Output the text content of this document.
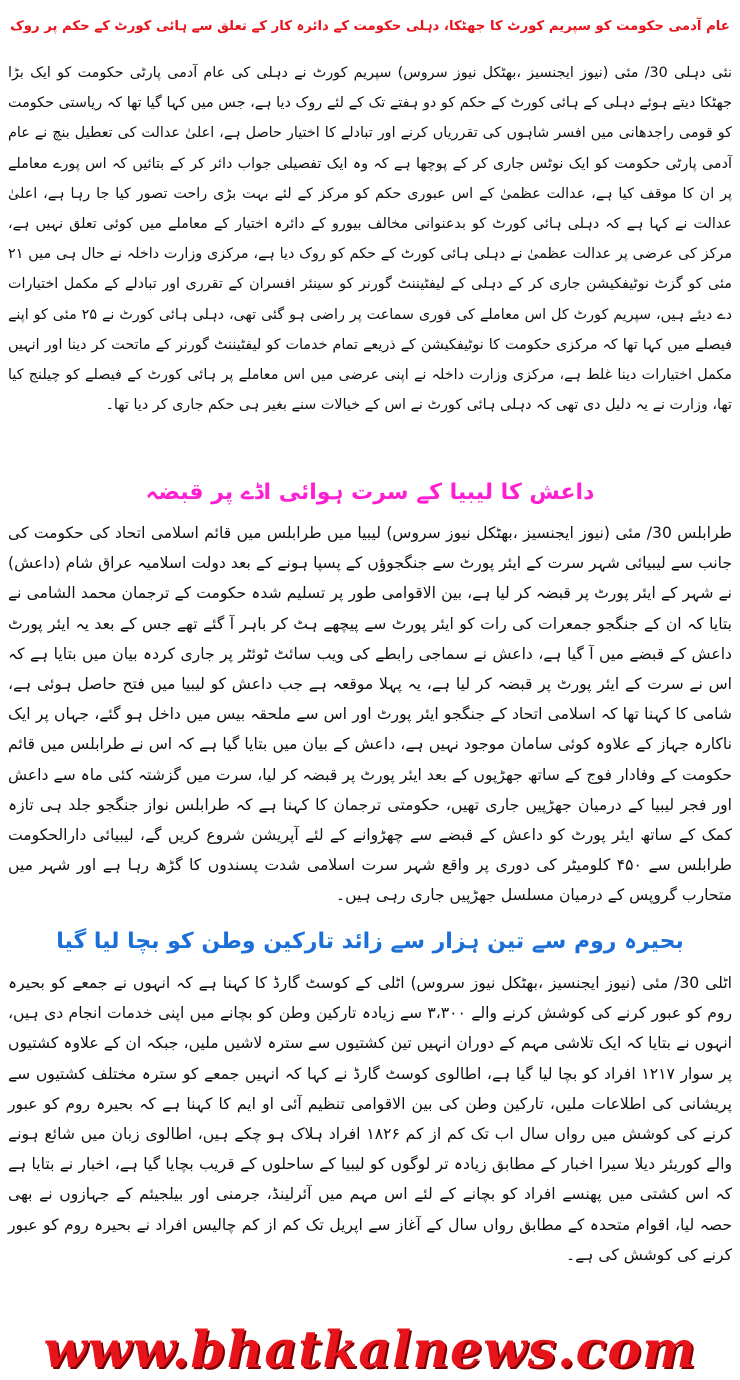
عام آدمی حکومت کو سپریم کورٹ کا جھٹکا، دہلی حکومت کے دائرہ کار کے تعلق سے ہائی کورٹ کے حکم پر روک
نئی دہلی 30/ مئی (نیوز ایجنسیز ،بھٹکل نیوز سروس) سپریم کورٹ نے دہلی کی عام آدمی پارٹی حکومت کو ایک بڑا جھٹکا دیتے ہوئے دہلی کے ہائی کورٹ کے حکم کو دو ہفتے تک کے لئے روک دیا ہے، جس میں کہا گیا تھا کہ ریاستی حکومت کو قومی راجدھانی میں افسر شاہوں کی تقرریاں کرنے اور تبادلے کا اختیار حاصل ہے، اعلیٰ عدالت کی تعطیل بنچ نے عام آدمی پارٹی حکومت کو ایک نوٹس جاری کر کے پوچھا ہے کہ وہ ایک تفصیلی جواب دائر کر کے بتائیں کہ اس پورے معاملے پر ان کا موقف کیا ہے، عدالت عظمیٰ کے اس عبوری حکم کو مرکز کے لئے بہت بڑی راحت تصور کیا جا رہا ہے، اعلیٰ عدالت نے کہا ہے کہ دہلی ہائی کورٹ کو بدعنوانی مخالف بیورو کے دائرہ اختیار کے معاملے میں کوئی تعلق نہیں ہے، مرکز کی عرضی پر عدالت عظمیٰ نے دہلی ہائی کورٹ کے حکم کو روک دیا ہے، مرکزی وزارت داخلہ نے حال ہی میں ۲۱ مئی کو گزٹ نوٹیفکیشن جاری کر کے دہلی کے لیفٹیننٹ گورنر کو سینئر افسران کے تقرری اور تبادلے کے مکمل اختیارات دے دیئے ہیں، سپریم کورٹ کل اس معاملے کی فوری سماعت پر راضی ہو گئی تھی، دہلی ہائی کورٹ نے ۲۵ مئی کو اپنے فیصلے میں کہا تھا کہ مرکزی حکومت کا نوٹیفکیشن کے ذریعے تمام خدمات کو لیفٹیننٹ گورنر کے ماتحت کر دینا اور انہیں مکمل اختیارات دینا غلط ہے، مرکزی وزارت داخلہ نے اپنی عرضی میں اس معاملے پر ہائی کورٹ کے فیصلے کو چیلنج کیا تھا، وزارت نے یہ دلیل دی تھی کہ دہلی ہائی کورٹ نے اس کے خیالات سنے بغیر ہی حکم جاری کر دیا تھا۔
داعش کا لیبیا کے سرت ہوائی اڈے پر قبضہ
طرابلس 30/ مئی (نیوز ایجنسیز ،بھٹکل نیوز سروس) لیبیا میں طرابلس میں قائم اسلامی اتحاد کی حکومت کی جانب سے لیبیائی شہر سرت کے ایئر پورٹ سے جنگجوؤں کے پسپا ہونے کے بعد دولت اسلامیہ عراق شام (داعش) نے شہر کے ایئر پورٹ پر قبضہ کر لیا ہے، بین الاقوامی طور پر تسلیم شدہ حکومت کے ترجمان محمد الشامی نے بتایا کہ ان کے جنگجو جمعرات کی رات کو ایئر پورٹ سے پیچھے ہٹ کر باہر آ گئے تھے جس کے بعد یہ ایئر پورٹ داعش کے قبضے میں آ گیا ہے، داعش نے سماجی رابطے کی ویب سائٹ ٹوئٹر پر جاری کردہ بیان میں بتایا ہے کہ اس نے سرت کے ایئر پورٹ پر قبضہ کر لیا ہے، یہ پہلا موقعہ ہے جب داعش کو لیبیا میں فتح حاصل ہوئی ہے، شامی کا کہنا تھا کہ اسلامی اتحاد کے جنگجو ایئر پورٹ اور اس سے ملحقہ بیس میں داخل ہو گئے، جہاں پر ایک ناکارہ جہاز کے علاوہ کوئی سامان موجود نہیں ہے، داعش کے بیان میں بتایا گیا ہے کہ اس نے طرابلس میں قائم حکومت کے وفادار فوج کے ساتھ جھڑپوں کے بعد ایئر پورٹ پر قبضہ کر لیا، سرت میں گزشتہ کئی ماہ سے داعش اور فجر لیبیا کے درمیان جھڑپیں جاری تھیں، حکومتی ترجمان کا کہنا ہے کہ طرابلس نواز جنگجو جلد ہی تازہ کمک کے ساتھ ایئر پورٹ کو داعش کے قبضے سے چھڑوانے کے لئے آپریشن شروع کریں گے، لیبیائی دارالحکومت طرابلس سے ۴۵۰ کلومیٹر کی دوری پر واقع شہر سرت اسلامی شدت پسندوں کا گڑھ رہا ہے اور شہر میں متحارب گروپس کے درمیان مسلسل جھڑپیں جاری رہی ہیں۔
بحیرہ روم سے تین ہزار سے زائد تارکین وطن کو بچا لیا گیا
اٹلی 30/ مئی (نیوز ایجنسیز ،بھٹکل نیوز سروس) اٹلی کے کوسٹ گارڈ کا کہنا ہے کہ انہوں نے جمعے کو بحیرہ روم کو عبور کرنے کی کوشش کرنے والے ۳،۳۰۰ سے زیادہ تارکین وطن کو بچانے میں اپنی خدمات انجام دی ہیں، انہوں نے بتایا کہ ایک تلاشی مہم کے دوران انہیں تین کشتیوں سے سترہ لاشیں ملیں، جبکہ ان کے علاوہ کشتیوں پر سوار ۱۲۱۷ افراد کو بچا لیا گیا ہے، اطالوی کوسٹ گارڈ نے کہا کہ انہیں جمعے کو سترہ مختلف کشتیوں سے پریشانی کی اطلاعات ملیں، تارکین وطن کی بین الاقوامی تنظیم آئی او ایم کا کہنا ہے کہ بحیرہ روم کو عبور کرنے کی کوشش میں رواں سال اب تک کم از کم ۱۸۲۶ افراد ہلاک ہو چکے ہیں، اطالوی زبان میں شائع ہونے والے کوریئر دیلا سیرا اخبار کے مطابق زیادہ تر لوگوں کو لیبیا کے ساحلوں کے قریب بچایا گیا ہے، اخبار نے بتایا ہے کہ اس کشتی میں پھنسے افراد کو بچانے کے لئے اس مہم میں آئرلینڈ، جرمنی اور بیلجیئم کے جہازوں نے بھی حصہ لیا، اقوام متحدہ کے مطابق رواں سال کے آغاز سے اپریل تک کم از کم چالیس افراد نے بحیرہ روم کو عبور کرنے کی کوشش کی ہے۔
www.bhatkalnews.com
